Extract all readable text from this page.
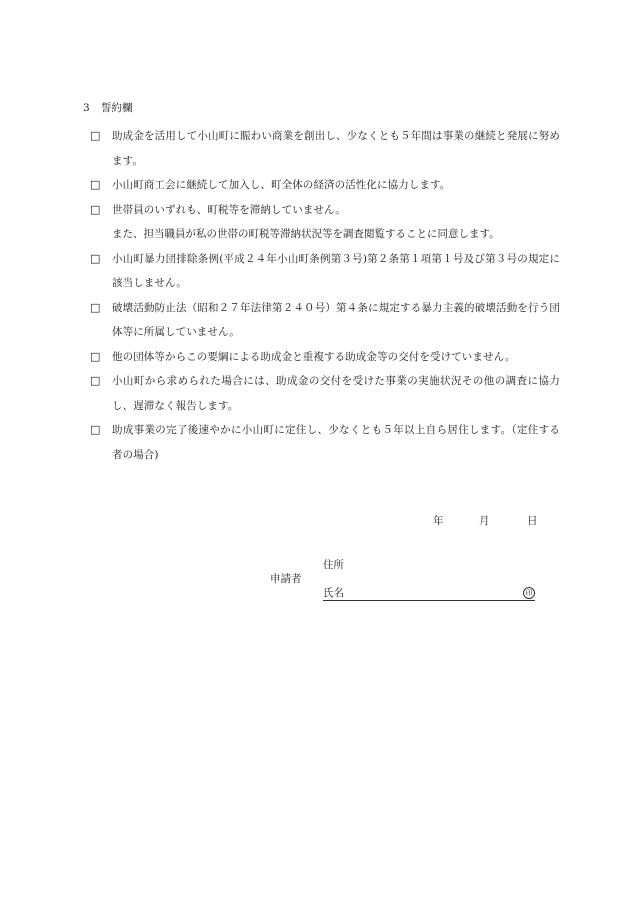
3 誓約欄
□ 助成金を活用して小山町に賑わい商業を創出し、少なくとも５年間は事業の継続と発展に努めます。
□ 小山町商工会に継続して加入し、町全体の経済の活性化に協力します。
□ 世帯員のいずれも、町税等を滞納していません。
また、担当職員が私の世帯の町税等滞納状況等を調査閲覧することに同意します。
□ 小山町暴力団排除条例(平成２４年小山町条例第３号)第２条第１項第１号及び第３号の規定に該当しません。
□ 破壊活動防止法（昭和２７年法律第２４０号）第４条に規定する暴力主義的破壊活動を行う団体等に所属していません。
□ 他の団体等からこの要綱による助成金と重複する助成金等の交付を受けていません。
□ 小山町から求められた場合には、助成金の交付を受けた事業の実施状況その他の調査に協力し、遅滞なく報告します。
□ 助成事業の完了後速やかに小山町に定住し、少なくとも５年以上自ら居住します。（定住する者の場合)
年	月	日
住所
申請者
氏名	印
